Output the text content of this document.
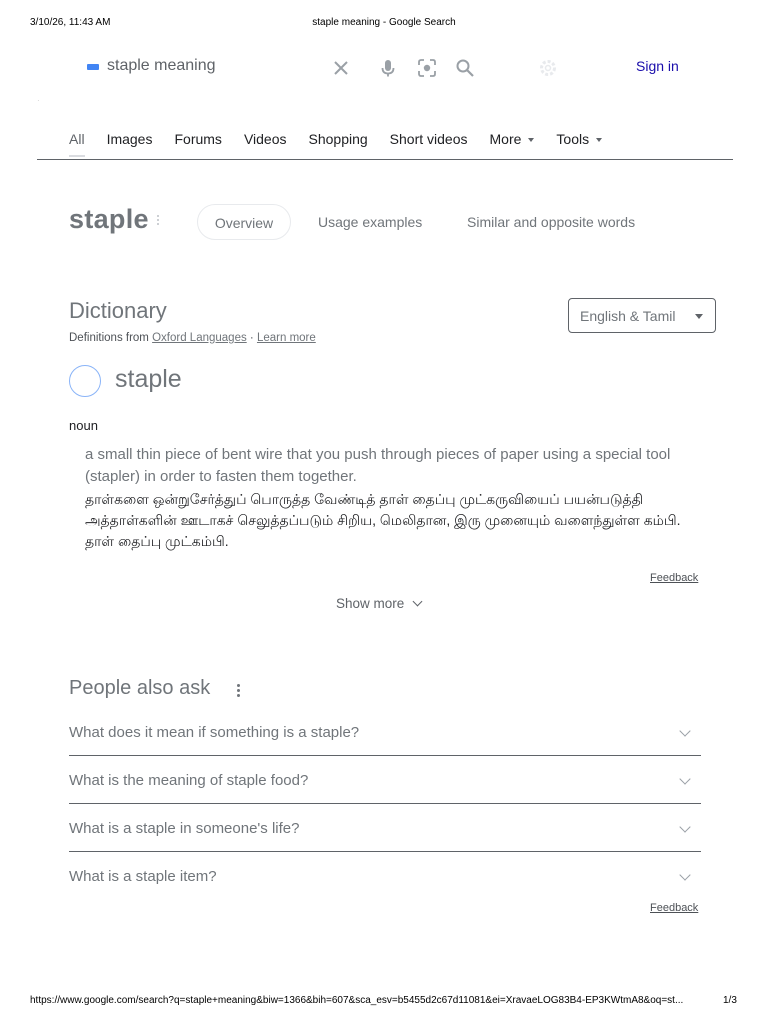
3/10/26, 11:43 AM	staple meaning - Google Search
staple meaning	Sign in
·
All Images Forums Videos Shopping Short videos More	Tools
staple	Overview	Usage examples	Similar and opposite words
Dictionary
Definitions from Oxford Languages · Learn more
English & Tamil
staple
noun
a small thin piece of bent wire that you push through pieces of paper using a special tool (stapler) in order to fasten them together.
தாள்களை ஒன்றுசேர்த்துப் பொருத்த வேண்டித் தாள் தைப்பு முட்கருவியைப் பயன்படுத்தி அத்தாள்களின் ஊடாகச் செலுத்தப்படும் சிறிய, மெலிதான, இரு முனையும் வளைந்துள்ள கம்பி. தாள் தைப்பு முட்கம்பி.
Feedback
Show more
People also ask
What does it mean if something is a staple?
What is the meaning of staple food?
What is a staple in someone's life?
What is a staple item?
Feedback
https://www.google.com/search?q=staple+meaning&biw=1366&bih=607&sca_esv=b5455d2c67d11081&ei=XravaeLOG83B4-EP3KWtmA8&oq=st...	1/3
